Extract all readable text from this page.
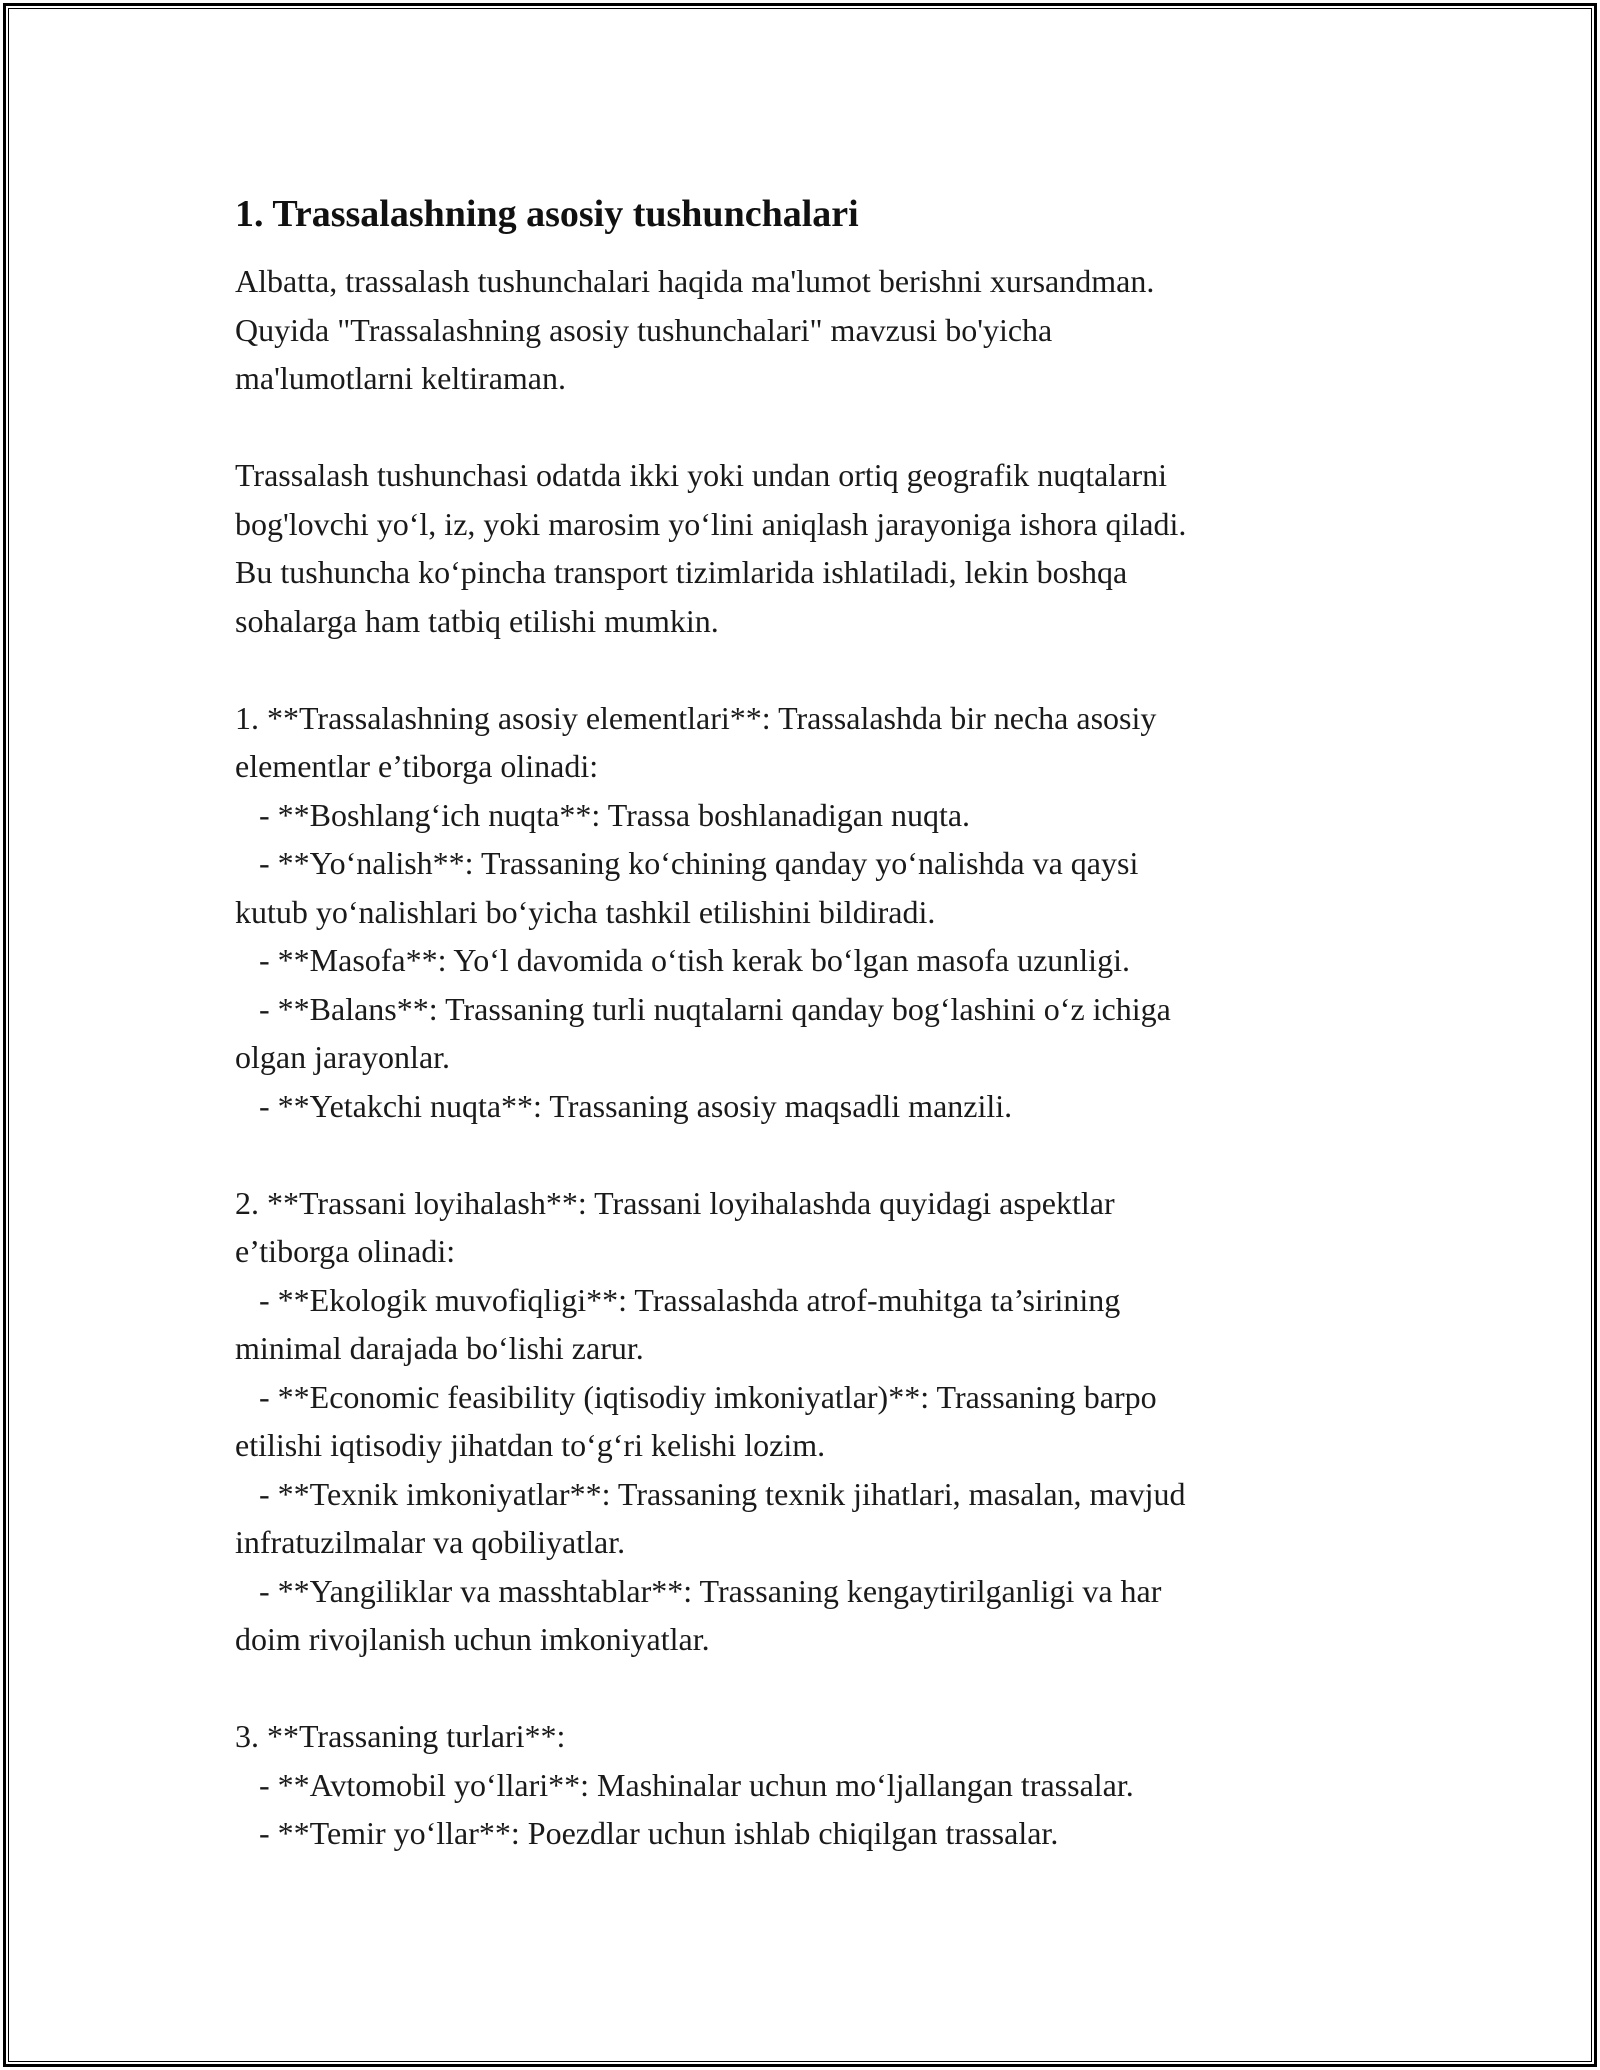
1. Trassalashning asosiy tushunchalari
Albatta, trassalash tushunchalari haqida ma'lumot berishni xursandman.
Quyida "Trassalashning asosiy tushunchalari" mavzusi bo'yicha
ma'lumotlarni keltiraman.
Trassalash tushunchasi odatda ikki yoki undan ortiq geografik nuqtalarni
bog'lovchi yo‘l, iz, yoki marosim yo‘lini aniqlash jarayoniga ishora qiladi.
Bu tushuncha ko‘pincha transport tizimlarida ishlatiladi, lekin boshqa
sohalarga ham tatbiq etilishi mumkin.
1. **Trassalashning asosiy elementlari**: Trassalashda bir necha asosiy
elementlar e’tiborga olinadi:
- **Boshlang‘ich nuqta**: Trassa boshlanadigan nuqta.
- **Yo‘nalish**: Trassaning ko‘chining qanday yo‘nalishda va qaysi
kutub yo‘nalishlari bo‘yicha tashkil etilishini bildiradi.
- **Masofa**: Yo‘l davomida o‘tish kerak bo‘lgan masofa uzunligi.
- **Balans**: Trassaning turli nuqtalarni qanday bog‘lashini o‘z ichiga
olgan jarayonlar.
- **Yetakchi nuqta**: Trassaning asosiy maqsadli manzili.
2. **Trassani loyihalash**: Trassani loyihalashda quyidagi aspektlar
e’tiborga olinadi:
- **Ekologik muvofiqligi**: Trassalashda atrof-muhitga ta’sirining
minimal darajada bo‘lishi zarur.
- **Economic feasibility (iqtisodiy imkoniyatlar)**: Trassaning barpo
etilishi iqtisodiy jihatdan to‘g‘ri kelishi lozim.
- **Texnik imkoniyatlar**: Trassaning texnik jihatlari, masalan, mavjud
infratuzilmalar va qobiliyatlar.
- **Yangiliklar va masshtablar**: Trassaning kengaytirilganligi va har
doim rivojlanish uchun imkoniyatlar.
3. **Trassaning turlari**:
- **Avtomobil yo‘llari**: Mashinalar uchun mo‘ljallangan trassalar.
- **Temir yo‘llar**: Poezdlar uchun ishlab chiqilgan trassalar.
